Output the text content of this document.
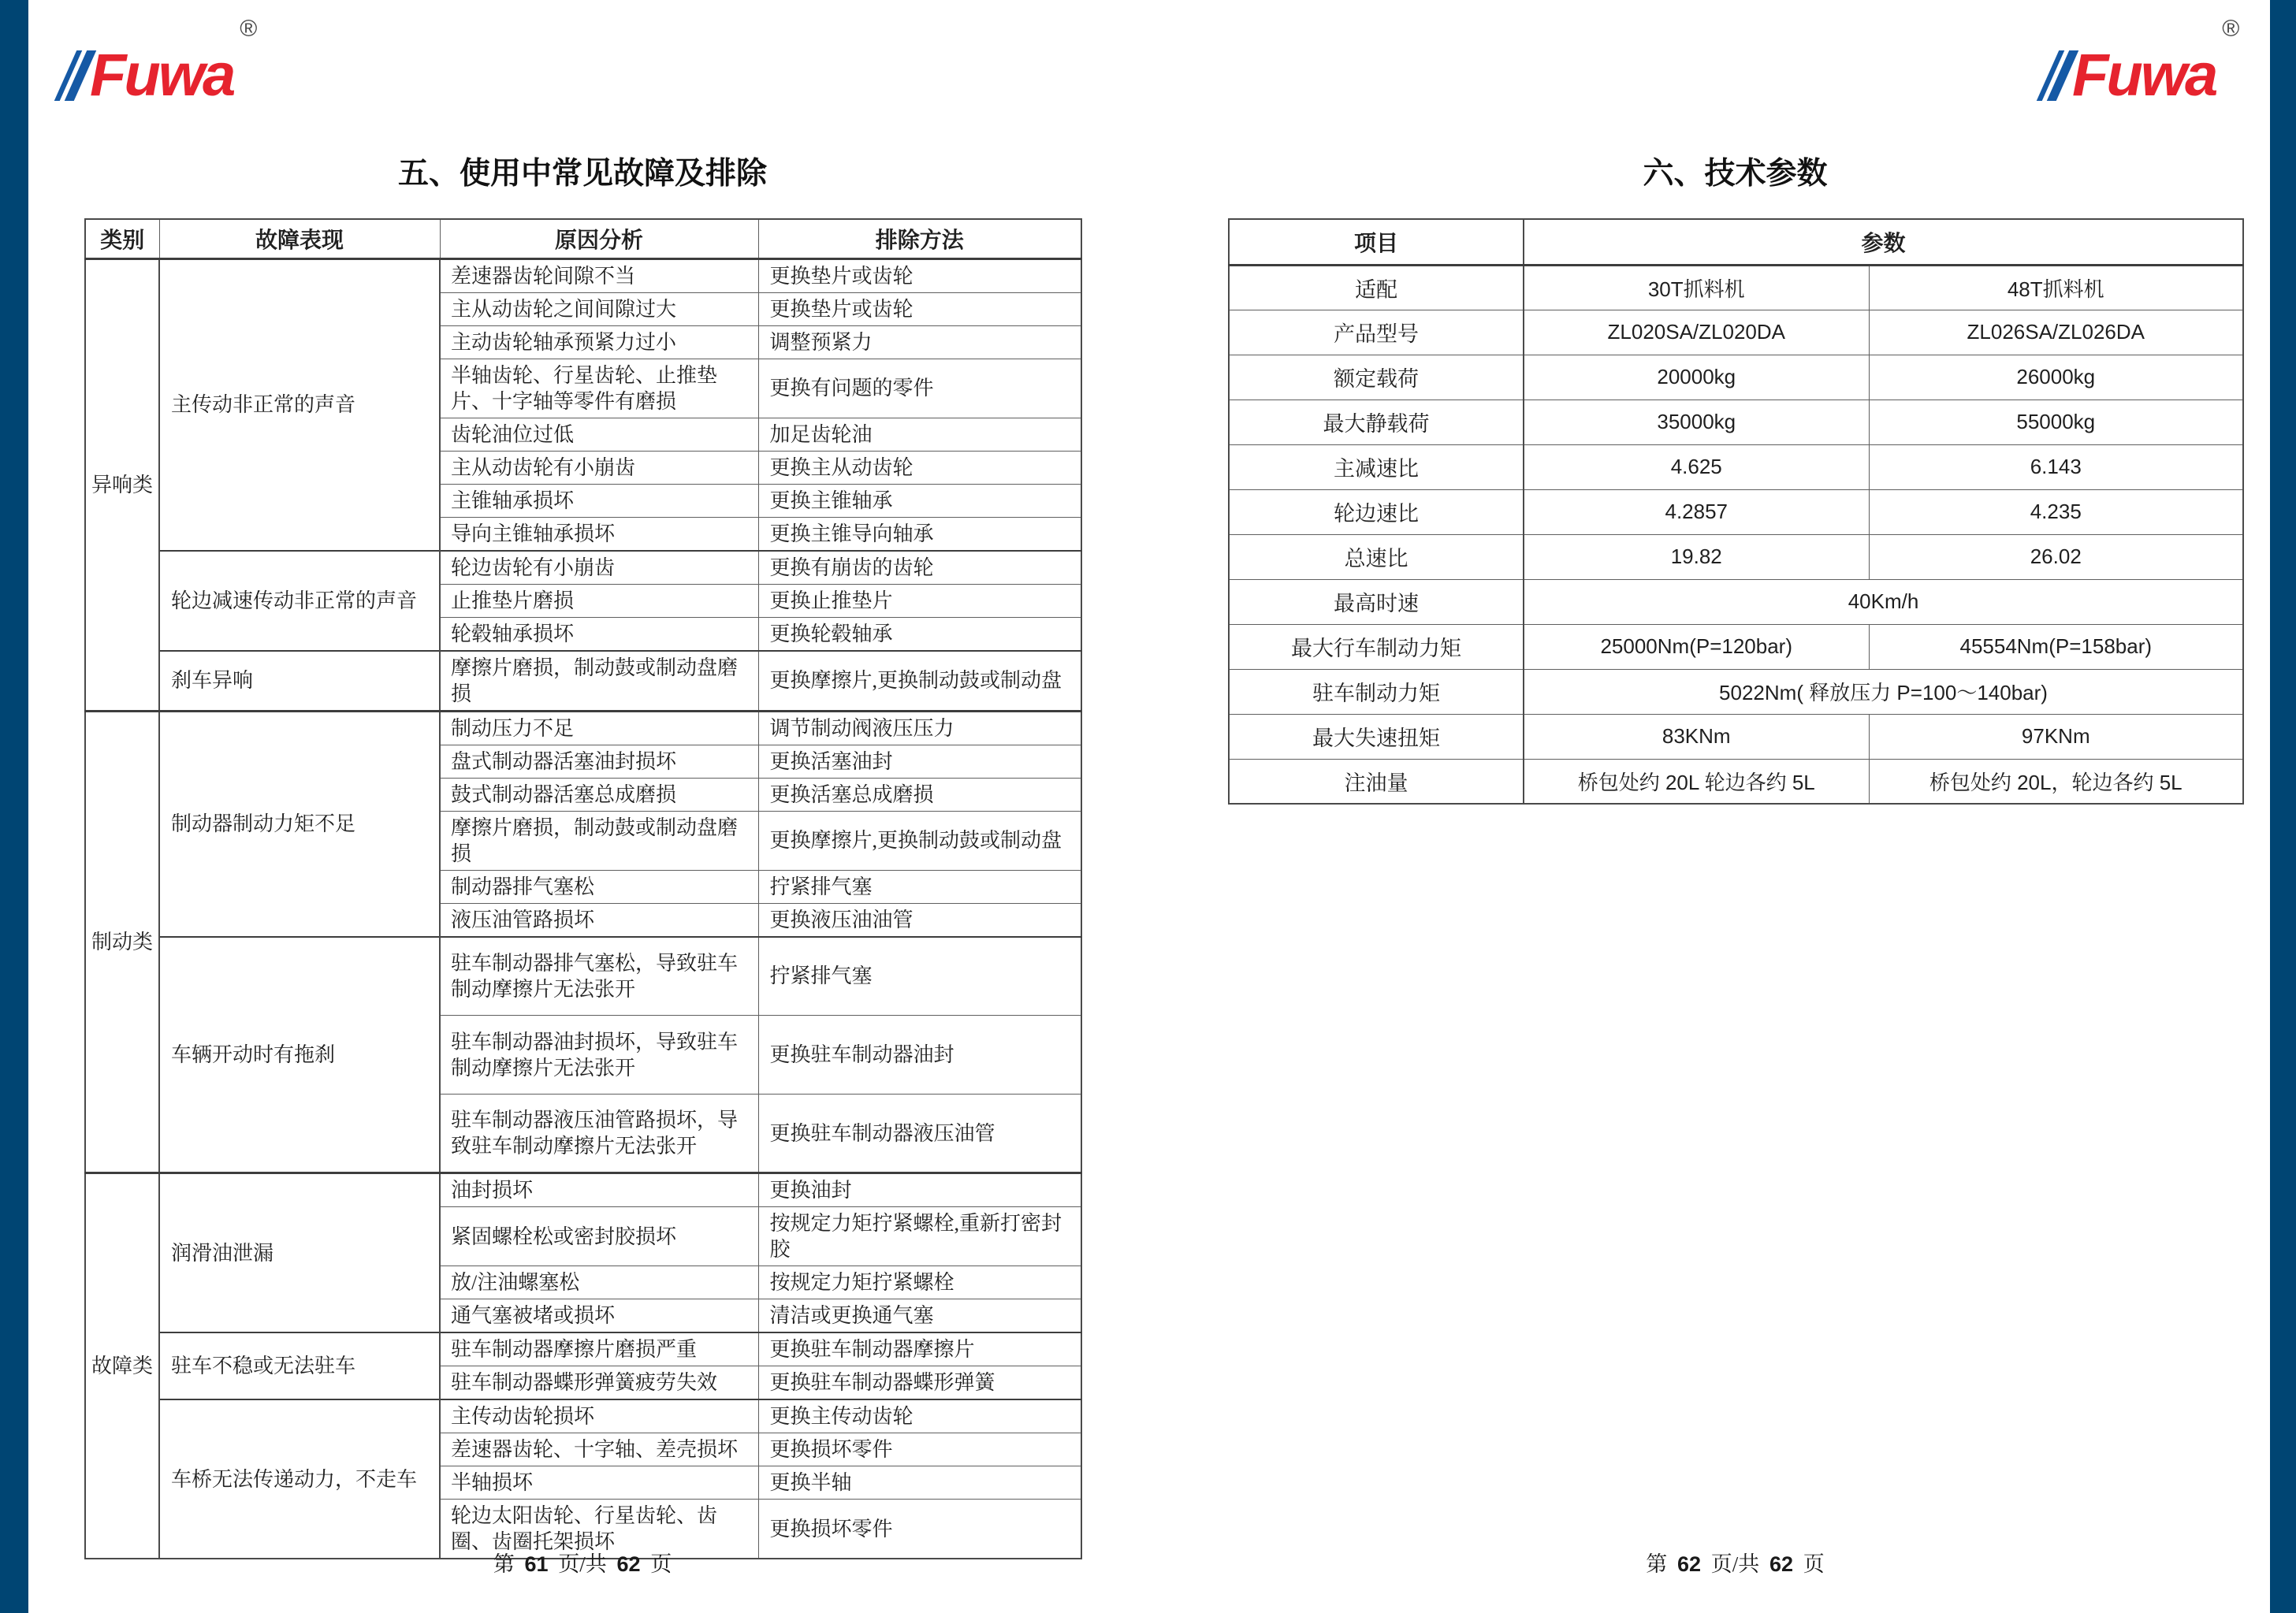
Fuwa
®
Fuwa
®
五、使用中常见故障及排除	六、技术参数
类别	故障表现	原因分析	排除方法
异响类	主传动非正常的声音	差速器齿轮间隙不当	更换垫片或齿轮
		主从动齿轮之间间隙过大	更换垫片或齿轮
		主动齿轮轴承预紧力过小	调整预紧力
		半轴齿轮、行星齿轮、止推垫片、十字轴等零件有磨损	更换有问题的零件
		齿轮油位过低	加足齿轮油
		主从动齿轮有小崩齿	更换主从动齿轮
		主锥轴承损坏	更换主锥轴承
		导向主锥轴承损坏	更换主锥导向轴承
	轮边减速传动非正常的声音	轮边齿轮有小崩齿	更换有崩齿的齿轮
		止推垫片磨损	更换止推垫片
		轮毂轴承损坏	更换轮毂轴承
	刹车异响	摩擦片磨损，制动鼓或制动盘磨损	更换摩擦片,更换制动鼓或制动盘
制动类	制动器制动力矩不足	制动压力不足	调节制动阀液压压力
		盘式制动器活塞油封损坏	更换活塞油封
		鼓式制动器活塞总成磨损	更换活塞总成磨损
		摩擦片磨损，制动鼓或制动盘磨损	更换摩擦片,更换制动鼓或制动盘
		制动器排气塞松	拧紧排气塞
		液压油管路损坏	更换液压油油管
	车辆开动时有拖刹	驻车制动器排气塞松，导致驻车制动摩擦片无法张开	拧紧排气塞
		驻车制动器油封损坏，导致驻车制动摩擦片无法张开	更换驻车制动器油封
		驻车制动器液压油管路损坏，导致驻车制动摩擦片无法张开	更换驻车制动器液压油管
故障类	润滑油泄漏	油封损坏	更换油封
		紧固螺栓松或密封胶损坏	按规定力矩拧紧螺栓,重新打密封胶
		放/注油螺塞松	按规定力矩拧紧螺栓
		通气塞被堵或损坏	清洁或更换通气塞
	驻车不稳或无法驻车	驻车制动器摩擦片磨损严重	更换驻车制动器摩擦片
		驻车制动器蝶形弹簧疲劳失效	更换驻车制动器蝶形弹簧
	车桥无法传递动力，不走车	主传动齿轮损坏	更换主传动齿轮
		差速器齿轮、十字轴、差壳损坏	更换损坏零件
		半轴损坏	更换半轴
		轮边太阳齿轮、行星齿轮、齿圈、齿圈托架损坏	更换损坏零件
项目	参数	
适配	30T抓料机	48T抓料机
产品型号	ZL020SA/ZL020DA	ZL026SA/ZL026DA
额定载荷	20000kg	26000kg
最大静载荷	35000kg	55000kg
主减速比	4.625	6.143
轮边速比	4.2857	4.235
总速比	19.82	26.02
最高时速	40Km/h	
最大行车制动力矩	25000Nm(P=120bar)	45554Nm(P=158bar)
驻车制动力矩	5022Nm( 释放压力 P=100～140bar)	
最大失速扭矩	83KNm	97KNm
注油量	桥包处约 20L 轮边各约 5L	桥包处约 20L，轮边各约 5L
第 61 页/共 62 页	第 62 页/共 62 页
